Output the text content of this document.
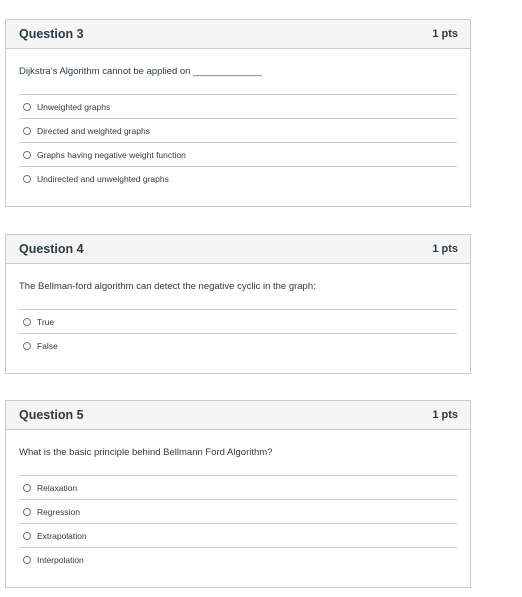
Question 3	1 pts
Dijkstra’s Algorithm cannot be applied on _____________
Unweighted graphs
Directed and weighted graphs
Graphs having negative weight function
Undirected and unweighted graphs
Question 4	1 pts
The Bellman-ford algorithm can detect the negative cyclic in the graph:
True
False
Question 5	1 pts
What is the basic principle behind Bellmann Ford Algorithm?
Relaxation
Regression
Extrapolation
Interpolation
